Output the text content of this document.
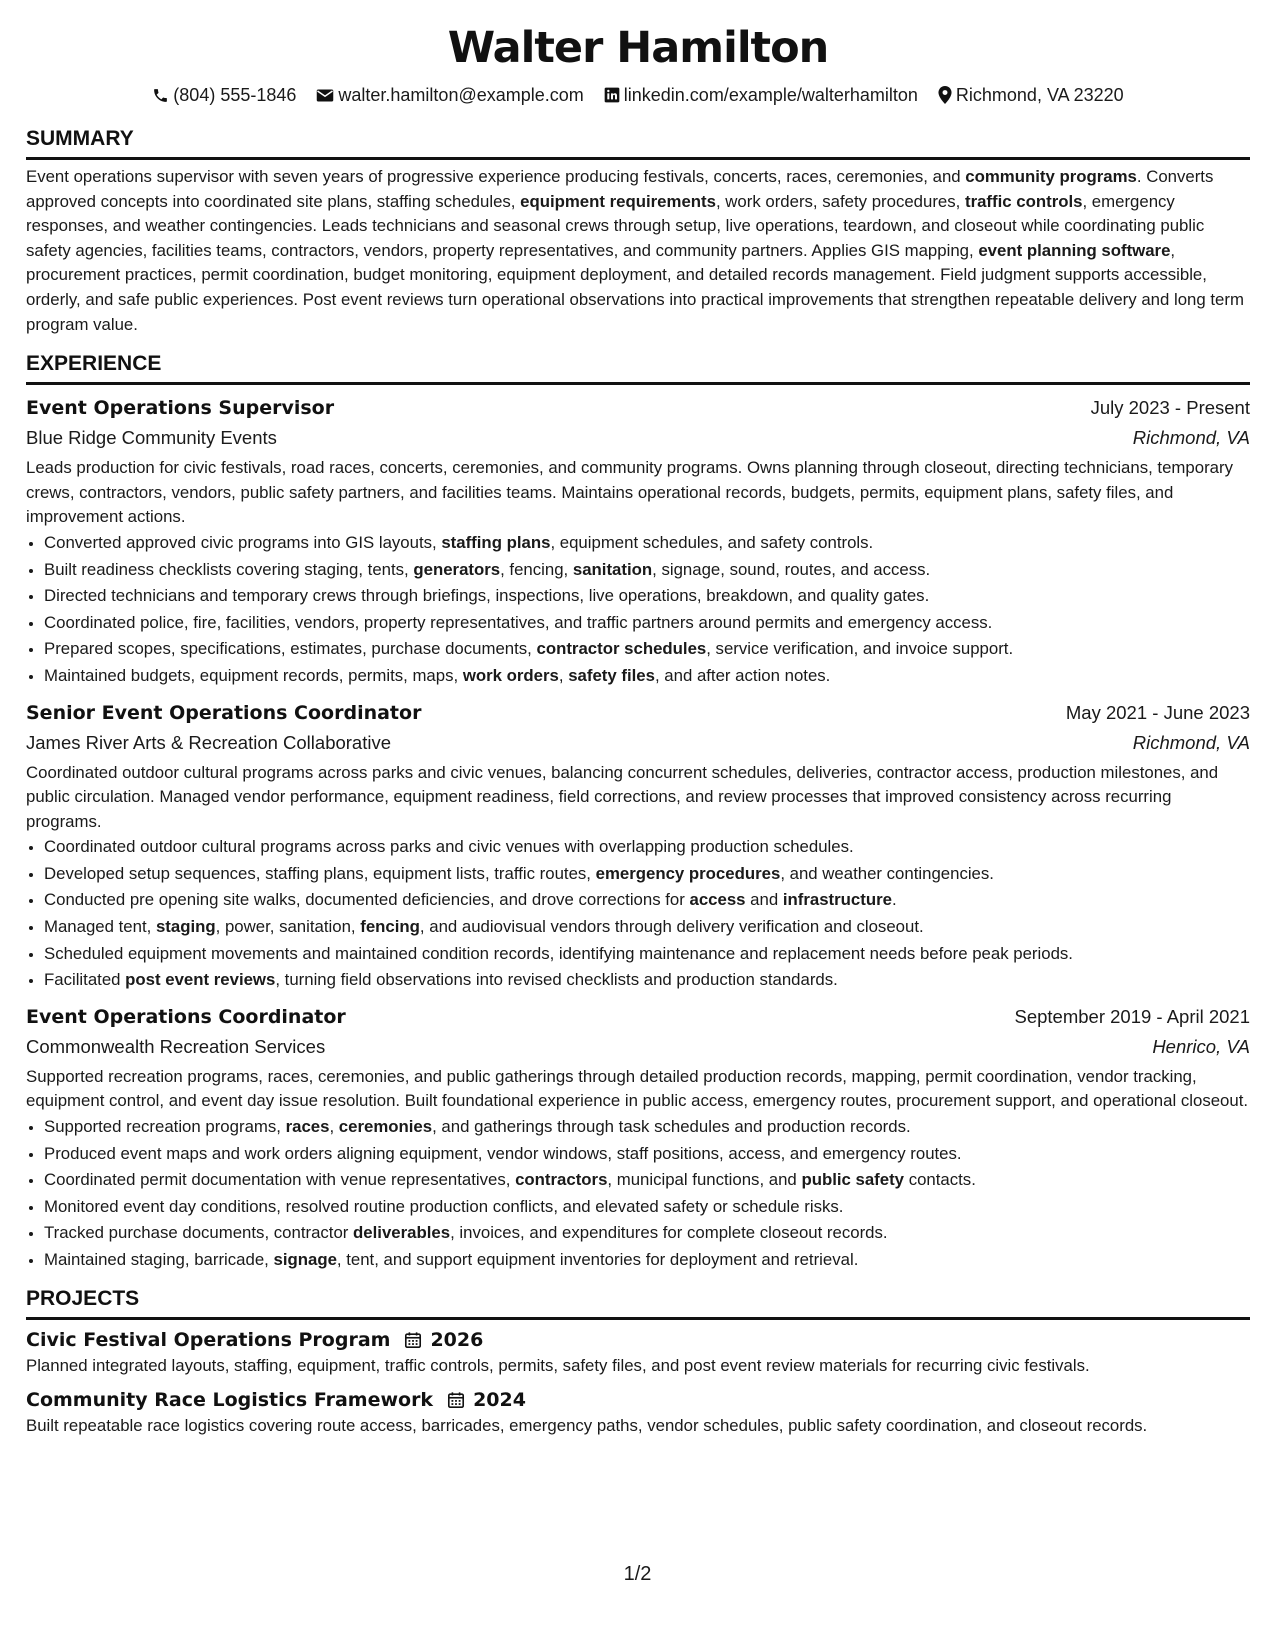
Walter Hamilton
(804) 555-1846 walter.hamilton@example.com linkedin.com/example/walterhamilton Richmond, VA 23220
SUMMARY

Event operations supervisor with seven years of progressive experience producing festivals, concerts, races, ceremonies, and community programs. Converts approved concepts into coordinated site plans, staffing schedules, equipment requirements, work orders, safety procedures, traffic controls, emergency responses, and weather contingencies. Leads technicians and seasonal crews through setup, live operations, teardown, and closeout while coordinating public safety agencies, facilities teams, contractors, vendors, property representatives, and community partners. Applies GIS mapping, event planning software, procurement practices, permit coordination, budget monitoring, equipment deployment, and detailed records management. Field judgment supports accessible, orderly, and safe public experiences. Post event reviews turn operational observations into practical improvements that strengthen repeatable delivery and long term program value.

EXPERIENCE
Event Operations Supervisor	July 2023 - Present
Blue Ridge Community Events	Richmond, VA

Leads production for civic festivals, road races, concerts, ceremonies, and community programs. Owns planning through closeout, directing technicians, temporary crews, contractors, vendors, public safety partners, and facilities teams. Maintains operational records, budgets, permits, equipment plans, safety files, and improvement actions.

• Converted approved civic programs into GIS layouts, staffing plans, equipment schedules, and safety controls.
• Built readiness checklists covering staging, tents, generators, fencing, sanitation, signage, sound, routes, and access.
• Directed technicians and temporary crews through briefings, inspections, live operations, breakdown, and quality gates.
• Coordinated police, fire, facilities, vendors, property representatives, and traffic partners around permits and emergency access.
• Prepared scopes, specifications, estimates, purchase documents, contractor schedules, service verification, and invoice support.
• Maintained budgets, equipment records, permits, maps, work orders, safety files, and after action notes.
Senior Event Operations Coordinator	May 2021 - June 2023
James River Arts & Recreation Collaborative	Richmond, VA

Coordinated outdoor cultural programs across parks and civic venues, balancing concurrent schedules, deliveries, contractor access, production milestones, and public circulation. Managed vendor performance, equipment readiness, field corrections, and review processes that improved consistency across recurring programs.

• Coordinated outdoor cultural programs across parks and civic venues with overlapping production schedules.
• Developed setup sequences, staffing plans, equipment lists, traffic routes, emergency procedures, and weather contingencies.
• Conducted pre opening site walks, documented deficiencies, and drove corrections for access and infrastructure.
• Managed tent, staging, power, sanitation, fencing, and audiovisual vendors through delivery verification and closeout.
• Scheduled equipment movements and maintained condition records, identifying maintenance and replacement needs before peak periods.
• Facilitated post event reviews, turning field observations into revised checklists and production standards.
Event Operations Coordinator	September 2019 - April 2021
Commonwealth Recreation Services	Henrico, VA

Supported recreation programs, races, ceremonies, and public gatherings through detailed production records, mapping, permit coordination, vendor tracking, equipment control, and event day issue resolution. Built foundational experience in public access, emergency routes, procurement support, and operational closeout.

• Supported recreation programs, races, ceremonies, and gatherings through task schedules and production records.
• Produced event maps and work orders aligning equipment, vendor windows, staff positions, access, and emergency routes.
• Coordinated permit documentation with venue representatives, contractors, municipal functions, and public safety contacts.
• Monitored event day conditions, resolved routine production conflicts, and elevated safety or schedule risks.
• Tracked purchase documents, contractor deliverables, invoices, and expenditures for complete closeout records.
• Maintained staging, barricade, signage, tent, and support equipment inventories for deployment and retrieval.
PROJECTS
Civic Festival Operations Program 2026
Planned integrated layouts, staffing, equipment, traffic controls, permits, safety files, and post event review materials for recurring civic festivals.
Community Race Logistics Framework 2024
Built repeatable race logistics covering route access, barricades, emergency paths, vendor schedules, public safety coordination, and closeout records.
1/2
